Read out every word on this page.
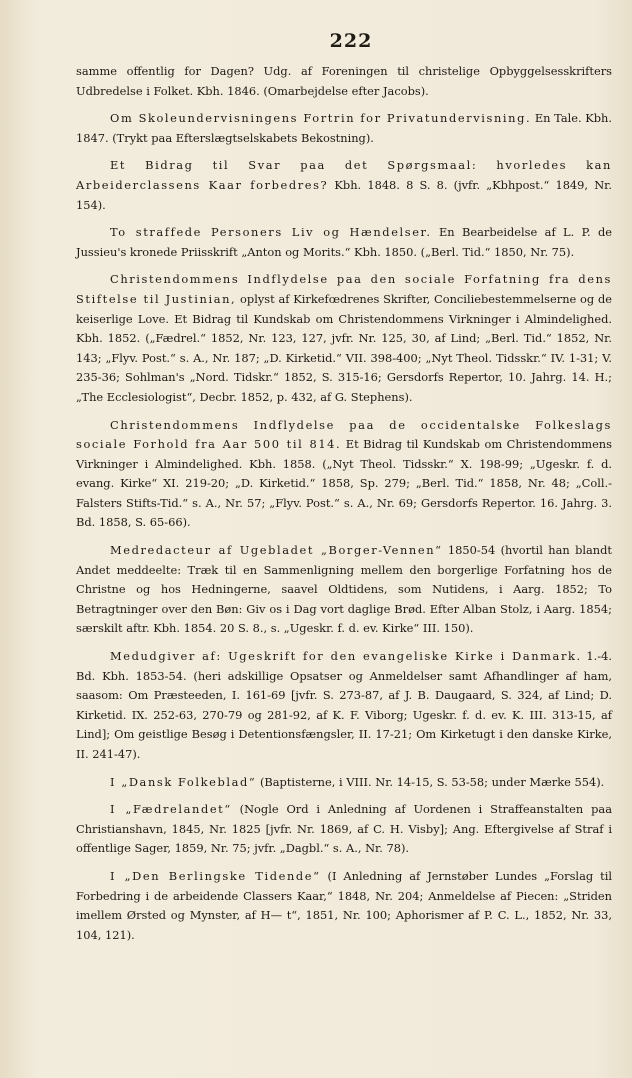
222

samme offentlig for Dagen? Udg. af Foreningen til christelige Opbyggelsesskrifters Udbredelse i Folket. Kbh. 1846. (Omarbejdelse efter Jacobs).

Om Skoleundervisningens Fortrin for Privatundervisning. En Tale. Kbh. 1847. (Trykt paa Efterslægtselskabets Bekostning).

Et Bidrag til Svar paa det Spørgsmaal: hvorledes kan Arbeiderclassens Kaar forbedres? Kbh. 1848. 8 S. 8. (jvfr. „Kbhpost.“ 1849, Nr. 154).

To straffede Personers Liv og Hændelser. En Bearbeidelse af L. P. de Jussieu's kronede Priisskrift „Anton og Morits.“ Kbh. 1850. („Berl. Tid.“ 1850, Nr. 75).

Christendommens Indflydelse paa den sociale Forfatning fra dens Stiftelse til Justinian, oplyst af Kirkefœdrenes Skrifter, Conciliebestemmelserne og de keiserlige Love. Et Bidrag til Kundskab om Christendommens Virkninger i Almindelighed. Kbh. 1852. („Fædrel.“ 1852, Nr. 123, 127, jvfr. Nr. 125, 30, af Lind; „Berl. Tid.“ 1852, Nr. 143; „Flyv. Post.“ s. A., Nr. 187; „D. Kirketid.“ VII. 398-400; „Nyt Theol. Tidsskr.“ IV. 1-31; V. 235-36; Sohlman's „Nord. Tidskr.“ 1852, S. 315-16; Gersdorfs Repertor, 10. Jahrg. 14. H.; „The Ecclesiologist“, Decbr. 1852, p. 432, af G. Stephens).

Christendommens Indflydelse paa de occidentalske Folkeslags sociale Forhold fra Aar 500 til 814. Et Bidrag til Kundskab om Christendommens Virkninger i Almindelighed. Kbh. 1858. („Nyt Theol. Tidsskr.“ X. 198-99; „Ugeskr. f. d. evang. Kirke“ XI. 219-20; „D. Kirketid.“ 1858, Sp. 279; „Berl. Tid.“ 1858, Nr. 48; „Coll.-Falsters Stifts-Tid.“ s. A., Nr. 57; „Flyv. Post.“ s. A., Nr. 69; Gersdorfs Repertor. 16. Jahrg. 3. Bd. 1858, S. 65-66).

Medredacteur af Ugebladet „Borger-Vennen“ 1850-54 (hvortil han blandt Andet meddeelte: Træk til en Sammenligning mellem den borgerlige Forfatning hos de Christne og hos Hedningerne, saavel Oldtidens, som Nutidens, i Aarg. 1852; To Betragtninger over den Bøn: Giv os i Dag vort daglige Brød. Efter Alban Stolz, i Aarg. 1854; særskilt aftr. Kbh. 1854. 20 S. 8., s. „Ugeskr. f. d. ev. Kirke“ III. 150).

Medudgiver af: Ugeskrift for den evangeliske Kirke i Danmark. 1.-4. Bd. Kbh. 1853-54. (heri adskillige Opsatser og Anmeldelser samt Afhandlinger af ham, saasom: Om Præsteeden, I. 161-69 [jvfr. S. 273-87, af J. B. Daugaard, S. 324, af Lind; D. Kirketid. IX. 252-63, 270-79 og 281-92, af K. F. Viborg; Ugeskr. f. d. ev. K. III. 313-15, af Lind]; Om geistlige Besøg i Detentionsfængsler, II. 17-21; Om Kirketugt i den danske Kirke, II. 241-47).

I „Dansk Folkeblad“ (Baptisterne, i VIII. Nr. 14-15, S. 53-58; under Mærke 554).

I „Fædrelandet“ (Nogle Ord i Anledning af Uordenen i Straffeanstalten paa Christianshavn, 1845, Nr. 1825 [jvfr. Nr. 1869, af C. H. Visby]; Ang. Eftergivelse af Straf i offentlige Sager, 1859, Nr. 75; jvfr. „Dagbl.“ s. A., Nr. 78).

I „Den Berlingske Tidende“ (I Anledning af Jernstøber Lundes „Forslag til Forbedring i de arbeidende Classers Kaar,“ 1848, Nr. 204; Anmeldelse af Piecen: „Striden imellem Ørsted og Mynster, af H— t“, 1851, Nr. 100; Aphorismer af P. C. L., 1852, Nr. 33, 104, 121).
